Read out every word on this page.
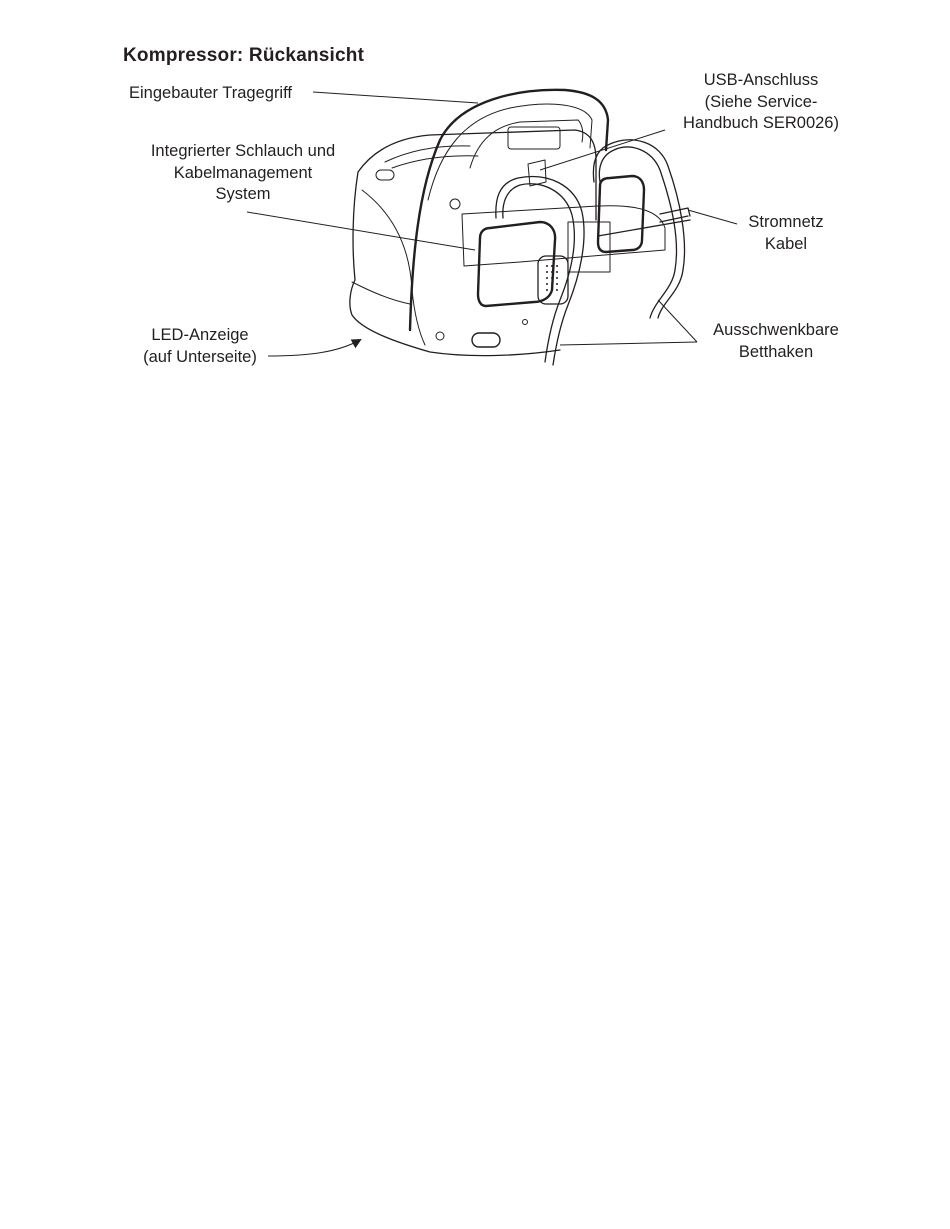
Kompressor: Rückansicht
Eingebauter Tragegriff
USB-Anschluss
(Siehe Service-
Handbuch SER0026)
Integrierter Schlauch und
Kabelmanagement
System
Stromnetz
Kabel
LED-Anzeige
(auf Unterseite)
Ausschwenkbare
Betthaken
